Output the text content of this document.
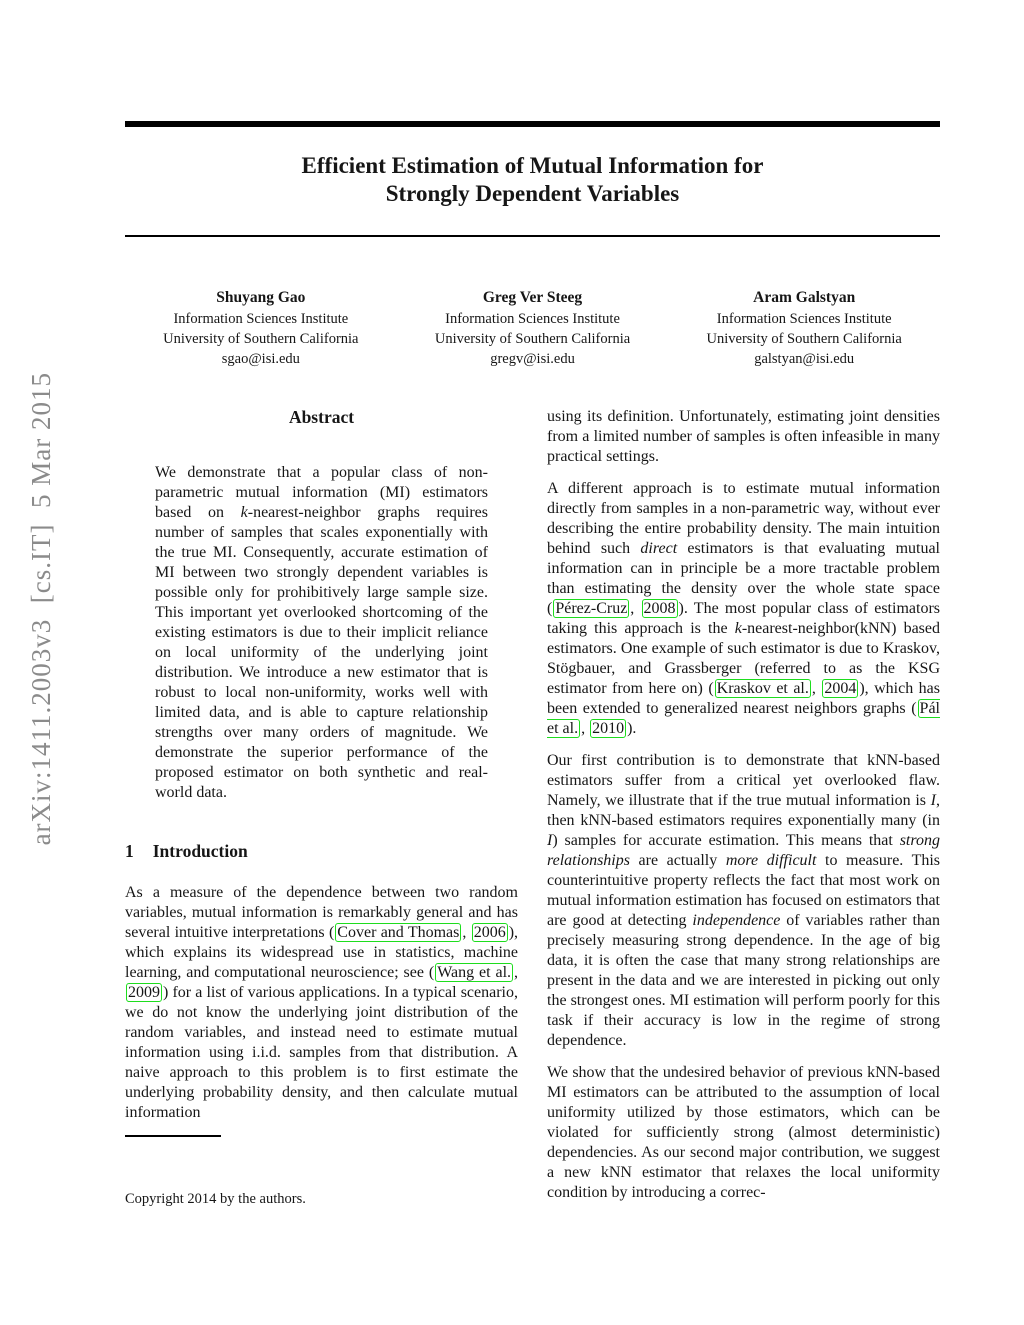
arXiv:1411.2003v3  [cs.IT]  5 Mar 2015
Efficient Estimation of Mutual Information for
Strongly Dependent Variables
Shuyang Gao
Information Sciences Institute
University of Southern California
sgao@isi.edu
Greg Ver Steeg
Information Sciences Institute
University of Southern California
gregv@isi.edu
Aram Galstyan
Information Sciences Institute
University of Southern California
galstyan@isi.edu
Abstract

We demonstrate that a popular class of non-parametric mutual information (MI) estimators based on k-nearest-neighbor graphs requires number of samples that scales exponentially with the true MI. Consequently, accurate estimation of MI between two strongly dependent variables is possible only for prohibitively large sample size. This important yet overlooked shortcoming of the existing estimators is due to their implicit reliance on local uniformity of the underlying joint distribution. We introduce a new estimator that is robust to local non-uniformity, works well with limited data, and is able to capture relationship strengths over many orders of magnitude. We demonstrate the superior performance of the proposed estimator on both synthetic and real-world data.

1 Introduction

As a measure of the dependence between two random variables, mutual information is remarkably general and has several intuitive interpretations ( Cover and Thomas , 2006 ), which explains its widespread use in statistics, machine learning, and computational neuroscience; see ( Wang et al. , 2009 ) for a list of various applications. In a typical scenario, we do not know the underlying joint distribution of the random variables, and instead need to estimate mutual information using i.i.d. samples from that distribution. A naive approach to this problem is to first estimate the underlying probability density, and then calculate mutual information

Copyright 2014 by the authors.

using its definition. Unfortunately, estimating joint densities from a limited number of samples is often infeasible in many practical settings.

A different approach is to estimate mutual information directly from samples in a non-parametric way, without ever describing the entire probability density. The main intuition behind such direct estimators is that evaluating mutual information can in principle be a more tractable problem than estimating the density over the whole state space ( Pérez-Cruz , 2008 ). The most popular class of estimators taking this approach is the k-nearest-neighbor(kNN) based estimators. One example of such estimator is due to Kraskov, Stögbauer, and Grassberger (referred to as the KSG estimator from here on) ( Kraskov et al. , 2004 ), which has been extended to generalized nearest neighbors graphs ( Pál et al. , 2010 ).

Our first contribution is to demonstrate that kNN-based estimators suffer from a critical yet overlooked flaw. Namely, we illustrate that if the true mutual information is I, then kNN-based estimators requires exponentially many (in I) samples for accurate estimation. This means that strong relationships are actually more difficult to measure. This counterintuitive property reflects the fact that most work on mutual information estimation has focused on estimators that are good at detecting independence of variables rather than precisely measuring strong dependence. In the age of big data, it is often the case that many strong relationships are present in the data and we are interested in picking out only the strongest ones. MI estimation will perform poorly for this task if their accuracy is low in the regime of strong dependence.

We show that the undesired behavior of previous kNN-based MI estimators can be attributed to the assumption of local uniformity utilized by those estimators, which can be violated for sufficiently strong (almost deterministic) dependencies. As our second major contribution, we suggest a new kNN estimator that relaxes the local uniformity condition by introducing a correc-
